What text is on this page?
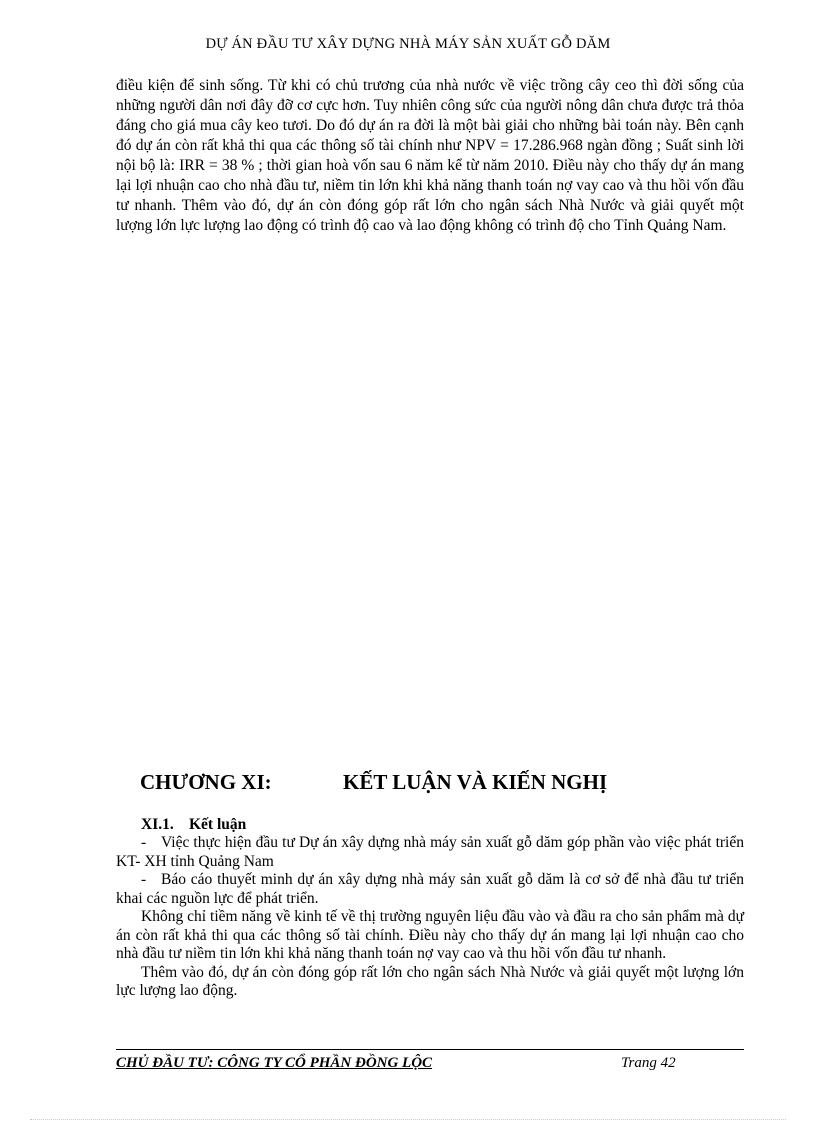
DỰ ÁN ĐẦU TƯ XÂY DỰNG NHÀ MÁY SẢN XUẤT GỖ DĂM
điều kiện để sinh sống. Từ khi có chủ trương của nhà nước về việc trồng cây ceo thì đời sống của những người dân nơi đây đỡ cơ cực hơn. Tuy nhiên công sức của người nông dân chưa được trả thỏa đáng cho giá mua cây keo tươi. Do đó dự án ra đời là một bài giải cho những bài toán này. Bên cạnh đó dự án còn rất khả thi qua các thông số tài chính như NPV = 17.286.968 ngàn đồng ; Suất sinh lời nội bộ là: IRR = 38 % ; thời gian hoà vốn sau 6 năm kể từ năm 2010. Điều này cho thấy dự án mang lại lợi nhuận cao cho nhà đầu tư, niềm tin lớn khi khả năng thanh toán nợ vay cao và thu hồi vốn đầu tư nhanh. Thêm vào đó, dự án còn đóng góp rất lớn cho ngân sách Nhà Nước và giải quyết một lượng lớn lực lượng lao động có trình độ cao và lao động không có trình độ cho Tỉnh Quảng Nam.
CHƯƠNG XI:	KẾT LUẬN VÀ KIẾN NGHỊ
XI.1. Kết luận

- Việc thực hiện đầu tư Dự án xây dựng nhà máy sản xuất gỗ dăm góp phần vào việc phát triển KT- XH tỉnh Quảng Nam

- Báo cáo thuyết minh dự án xây dựng nhà máy sản xuất gỗ dăm là cơ sở để nhà đầu tư triển khai các nguồn lực để phát triển.

Không chỉ tiềm năng về kinh tế về thị trường nguyên liệu đầu vào và đầu ra cho sản phẩm mà dự án còn rất khả thi qua các thông số tài chính. Điều này cho thấy dự án mang lại lợi nhuận cao cho nhà đầu tư niềm tin lớn khi khả năng thanh toán nợ vay cao và thu hồi vốn đầu tư nhanh.

Thêm vào đó, dự án còn đóng góp rất lớn cho ngân sách Nhà Nước và giải quyết một lượng lớn lực lượng lao động.

CHỦ ĐẦU TƯ: CÔNG TY CỔ PHẦN ĐỒNG LỘC	Trang 42
